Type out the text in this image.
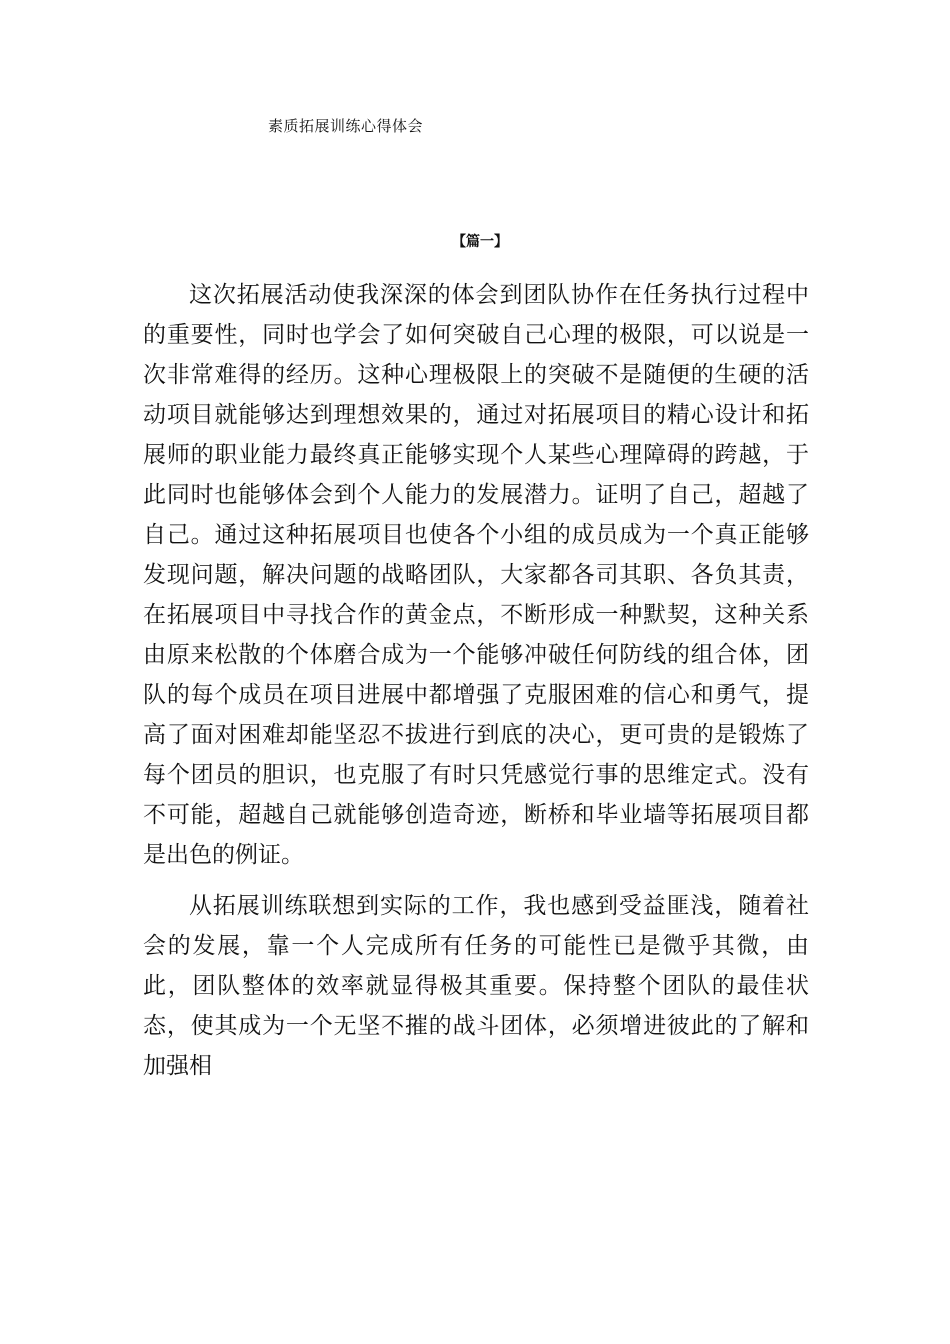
素质拓展训练心得体会
【篇一】

这次拓展活动使我深深的体会到团队协作在任务执行过程中的重要性，同时也学会了如何突破自己心理的极限，可以说是一次非常难得的经历。这种心理极限上的突破不是随便的生硬的活动项目就能够达到理想效果的，通过对拓展项目的精心设计和拓展师的职业能力最终真正能够实现个人某些心理障碍的跨越，于此同时也能够体会到个人能力的发展潜力。证明了自己，超越了自己。通过这种拓展项目也使各个小组的成员成为一个真正能够发现问题，解决问题的战略团队，大家都各司其职、各负其责，在拓展项目中寻找合作的黄金点，不断形成一种默契，这种关系由原来松散的个体磨合成为一个能够冲破任何防线的组合体，团队的每个成员在项目进展中都增强了克服困难的信心和勇气，提高了面对困难却能坚忍不拔进行到底的决心，更可贵的是锻炼了每个团员的胆识，也克服了有时只凭感觉行事的思维定式。没有不可能，超越自己就能够创造奇迹，断桥和毕业墙等拓展项目都是出色的例证。

从拓展训练联想到实际的工作，我也感到受益匪浅，随着社会的发展，靠一个人完成所有任务的可能性已是微乎其微，由此，团队整体的效率就显得极其重要。保持整个团队的最佳状态，使其成为一个无坚不摧的战斗团体，必须增进彼此的了解和加强相
